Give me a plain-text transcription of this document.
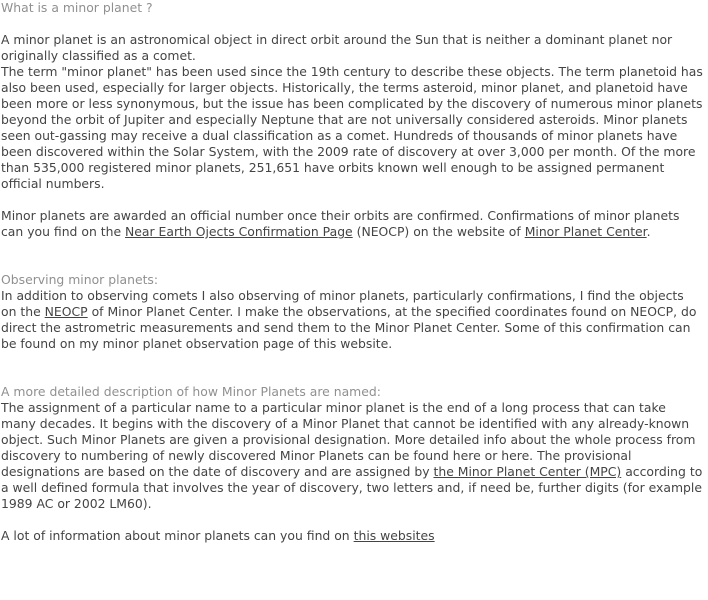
What is a minor planet ?

A minor planet is an astronomical object in direct orbit around the Sun that is neither a dominant planet nor originally classified as a comet.

The term "minor planet" has been used since the 19th century to describe these objects. The term planetoid has also been used, especially for larger objects. Historically, the terms asteroid, minor planet, and planetoid have been more or less synonymous, but the issue has been complicated by the discovery of numerous minor planets beyond the orbit of Jupiter and especially Neptune that are not universally considered asteroids. Minor planets seen out-gassing may receive a dual classification as a comet. Hundreds of thousands of minor planets have been discovered within the Solar System, with the 2009 rate of discovery at over 3,000 per month. Of the more than 535,000 registered minor planets, 251,651 have orbits known well enough to be assigned permanent official numbers.

Minor planets are awarded an official number once their orbits are confirmed. Confirmations of minor planets can you find on the Near Earth Ojects Confirmation Page (NEOCP) on the website of Minor Planet Center.

Observing minor planets:

In addition to observing comets I also observing of minor planets, particularly confirmations, I find the objects on the NEOCP of Minor Planet Center. I make the observations, at the specified coordinates found on NEOCP, do direct the astrometric measurements and send them to the Minor Planet Center. Some of this confirmation can be found on my minor planet observation page of this website.

A more detailed description of how Minor Planets are named:

The assignment of a particular name to a particular minor planet is the end of a long process that can take many decades. It begins with the discovery of a Minor Planet that cannot be identified with any already-known object. Such Minor Planets are given a provisional designation. More detailed info about the whole process from discovery to numbering of newly discovered Minor Planets can be found here or here. The provisional designations are based on the date of discovery and are assigned by the Minor Planet Center (MPC) according to a well defined formula that involves the year of discovery, two letters and, if need be, further digits (for example 1989 AC or 2002 LM60).

A lot of information about minor planets can you find on this websites
